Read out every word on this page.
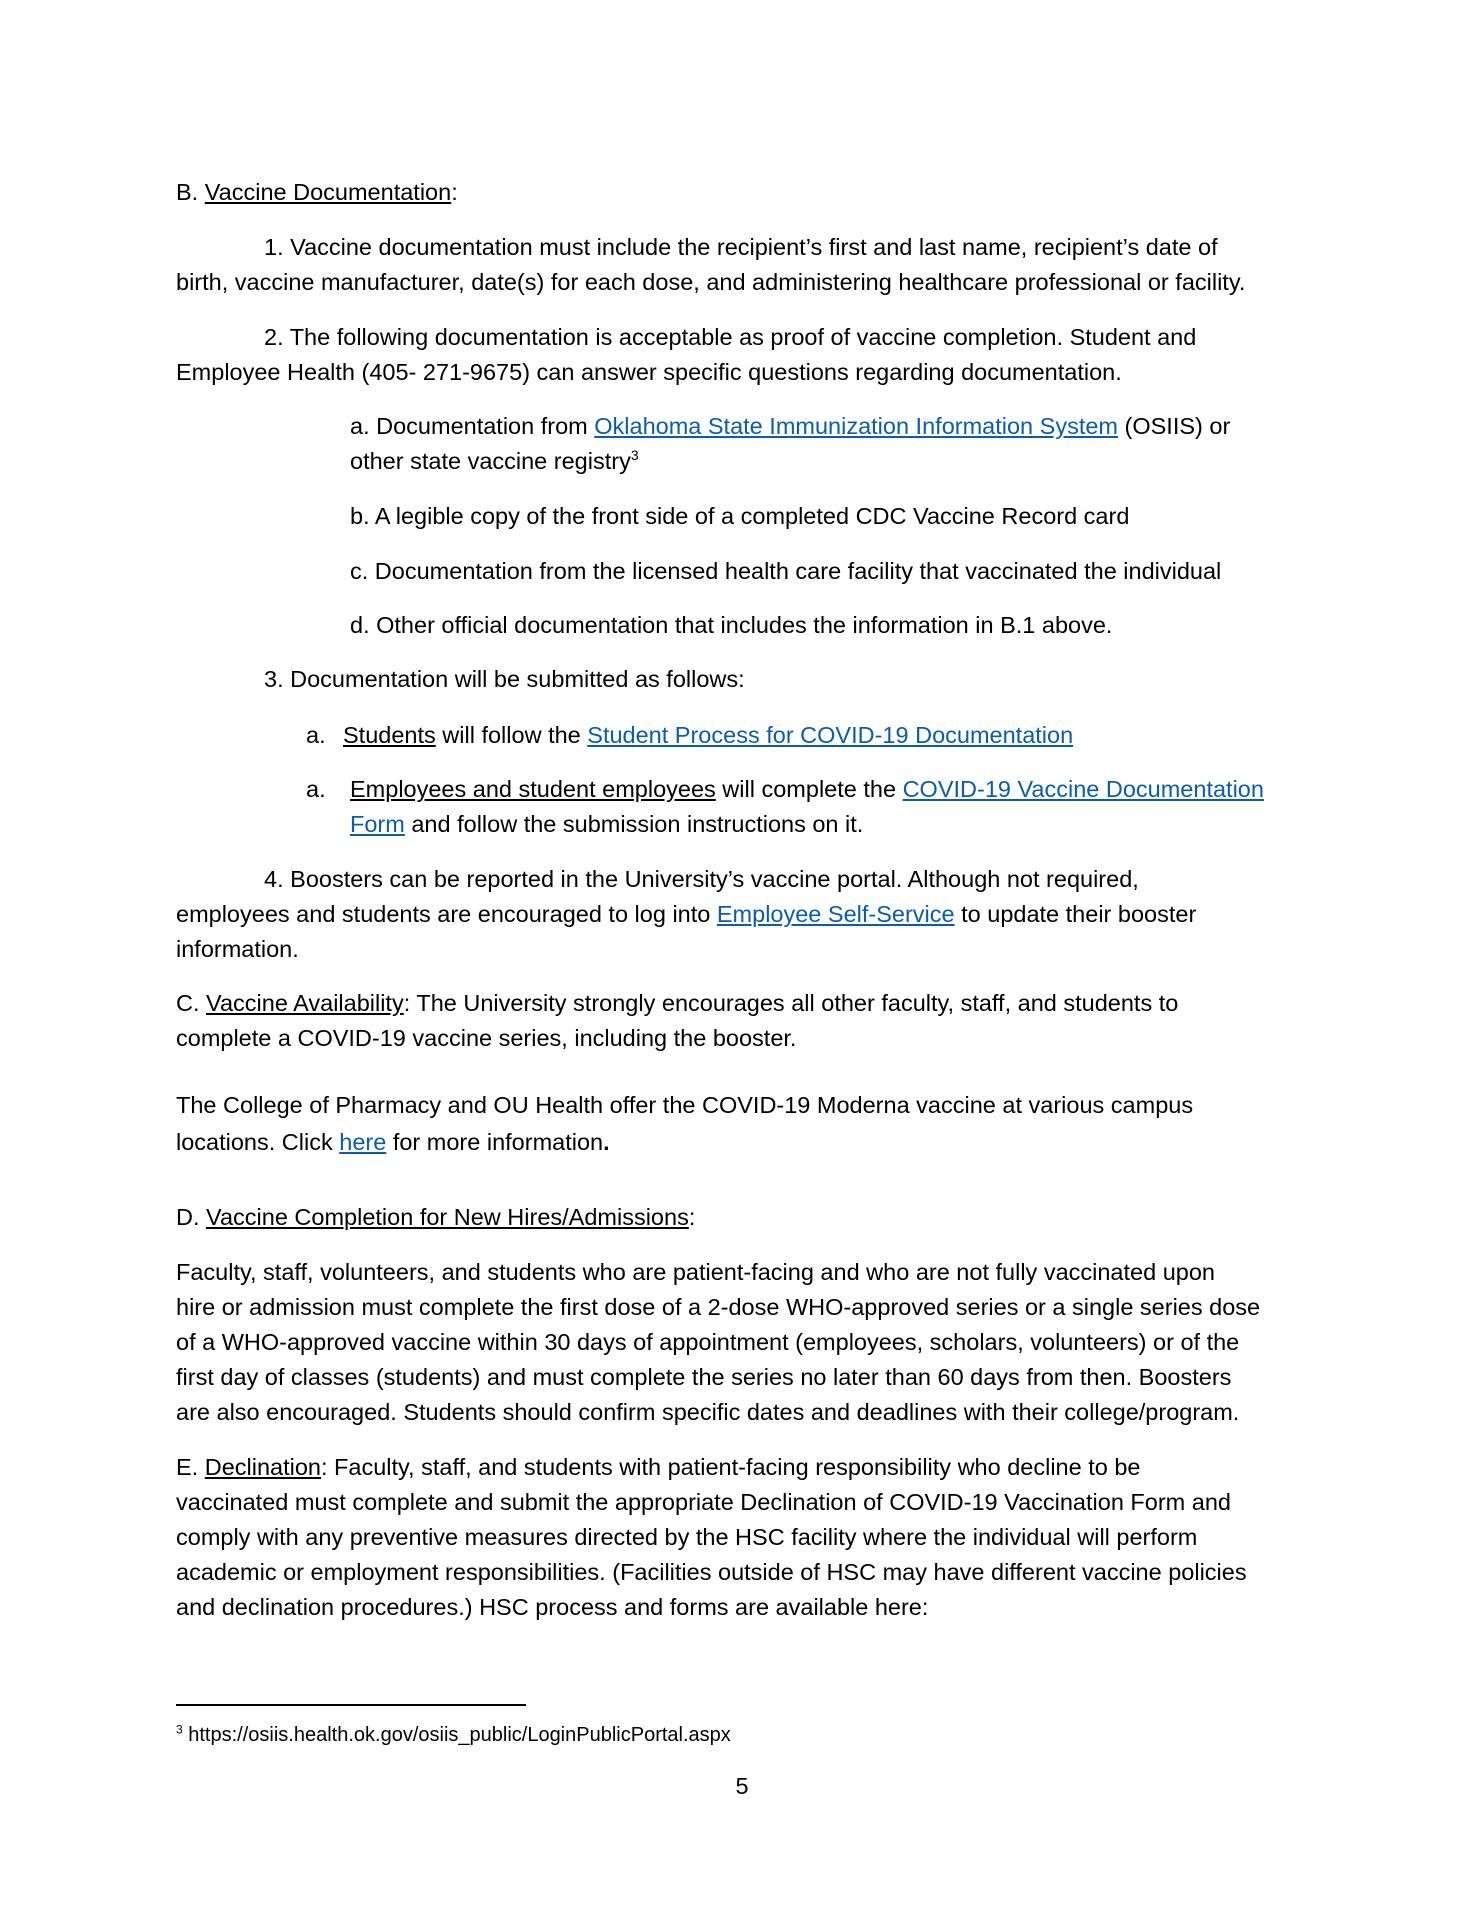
B. Vaccine Documentation:
1. Vaccine documentation must include the recipient’s first and last name, recipient’s date of
birth, vaccine manufacturer, date(s) for each dose, and administering healthcare professional or facility.
2. The following documentation is acceptable as proof of vaccine completion. Student and
Employee Health (405- 271-9675) can answer specific questions regarding documentation.
a. Documentation from Oklahoma State Immunization Information System (OSIIS) or
other state vaccine registry$^3$
b. A legible copy of the front side of a completed CDC Vaccine Record card
c. Documentation from the licensed health care facility that vaccinated the individual
d. Other official documentation that includes the information in B.1 above.
3. Documentation will be submitted as follows:
a. Students will follow the Student Process for COVID-19 Documentation
a. Employees and student employees will complete the COVID-19 Vaccine Documentation
Form and follow the submission instructions on it.
4. Boosters can be reported in the University’s vaccine portal. Although not required,
employees and students are encouraged to log into Employee Self-Service to update their booster
information.
C. Vaccine Availability: The University strongly encourages all other faculty, staff, and students to
complete a COVID-19 vaccine series, including the booster.
The College of Pharmacy and OU Health offer the COVID-19 Moderna vaccine at various campus
locations. Click here for more information.
D. Vaccine Completion for New Hires/Admissions:
Faculty, staff, volunteers, and students who are patient-facing and who are not fully vaccinated upon
hire or admission must complete the first dose of a 2-dose WHO-approved series or a single series dose
of a WHO-approved vaccine within 30 days of appointment (employees, scholars, volunteers) or of the
first day of classes (students) and must complete the series no later than 60 days from then. Boosters
are also encouraged. Students should confirm specific dates and deadlines with their college/program.
E. Declination: Faculty, staff, and students with patient-facing responsibility who decline to be
vaccinated must complete and submit the appropriate Declination of COVID-19 Vaccination Form and
comply with any preventive measures directed by the HSC facility where the individual will perform
academic or employment responsibilities. (Facilities outside of HSC may have different vaccine policies
and declination procedures.) HSC process and forms are available here:
$^3$ https://osiis.health.ok.gov/osiis_public/LoginPublicPortal.aspx
5
